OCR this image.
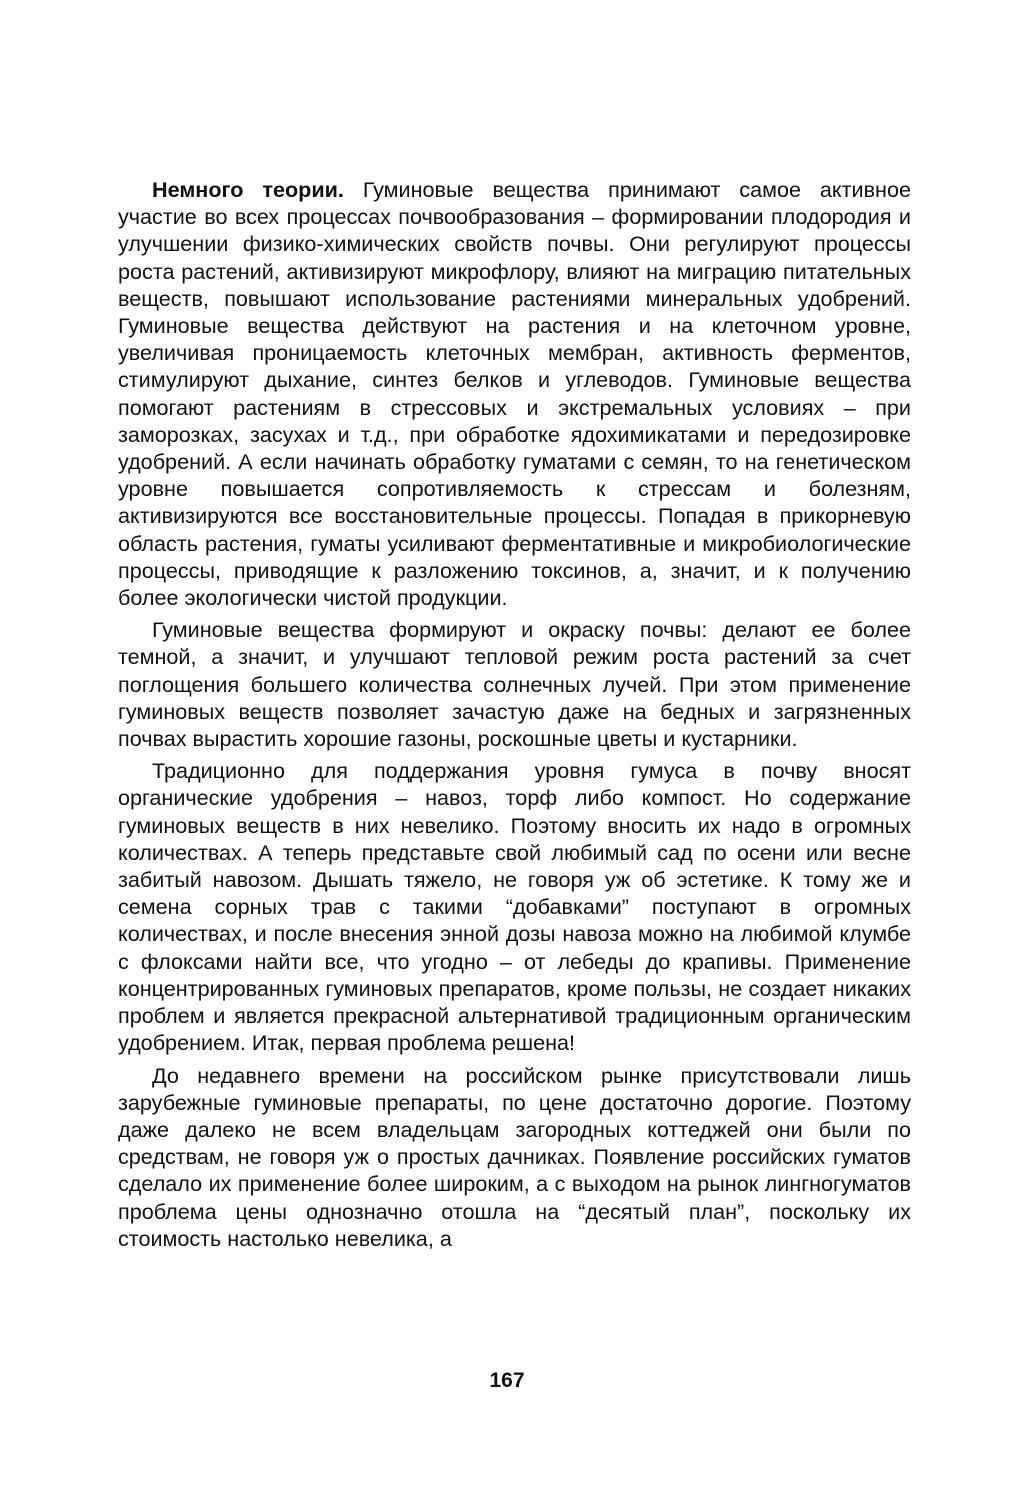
Немного теории. Гуминовые вещества принимают самое активное участие во всех процессах почвообразования – формировании плодородия и улучшении физико-химических свойств почвы. Они регулируют процессы роста растений, активизируют микрофлору, влияют на миграцию питательных веществ, повышают использование растениями минеральных удобрений. Гуминовые вещества действуют на растения и на клеточном уровне, увеличивая проницаемость клеточных мембран, активность ферментов, стимулируют дыхание, синтез белков и углеводов. Гуминовые вещества помогают растениям в стрессовых и экстремальных условиях – при заморозках, засухах и т.д., при обработке ядохимикатами и передозировке удобрений. А если начинать обработку гуматами с семян, то на генетическом уровне повышается сопротивляемость к стрессам и болезням, активизируются все восстановительные процессы. Попадая в прикорневую область растения, гуматы усиливают ферментативные и микробиологические процессы, приводящие к разложению токсинов, а, значит, и к получению более экологически чистой продукции.

Гуминовые вещества формируют и окраску почвы: делают ее более темной, а значит, и улучшают тепловой режим роста растений за счет поглощения большего количества солнечных лучей. При этом применение гуминовых веществ позволяет зачастую даже на бедных и загрязненных почвах вырастить хорошие газоны, роскошные цветы и кустарники.

Традиционно для поддержания уровня гумуса в почву вносят органические удобрения – навоз, торф либо компост. Но содержание гуминовых веществ в них невелико. Поэтому вносить их надо в огромных количествах. А теперь представьте свой любимый сад по осени или весне забитый навозом. Дышать тяжело, не говоря уж об эстетике. К тому же и семена сорных трав с такими “добавками” поступают в огромных количествах, и после внесения энной дозы навоза можно на любимой клумбе с флоксами найти все, что угодно – от лебеды до крапивы. Применение концентрированных гуминовых препаратов, кроме пользы, не создает никаких проблем и является прекрасной альтернативой традиционным органическим удобрением. Итак, первая проблема решена!

До недавнего времени на российском рынке присутствовали лишь зарубежные гуминовые препараты, по цене достаточно дорогие. Поэтому даже далеко не всем владельцам загородных коттеджей они были по средствам, не говоря уж о простых дачниках. Появление российских гуматов сделало их применение более широким, а с выходом на рынок лингногуматов проблема цены однозначно отошла на “десятый план”, поскольку их стоимость настолько невелика, а

167
